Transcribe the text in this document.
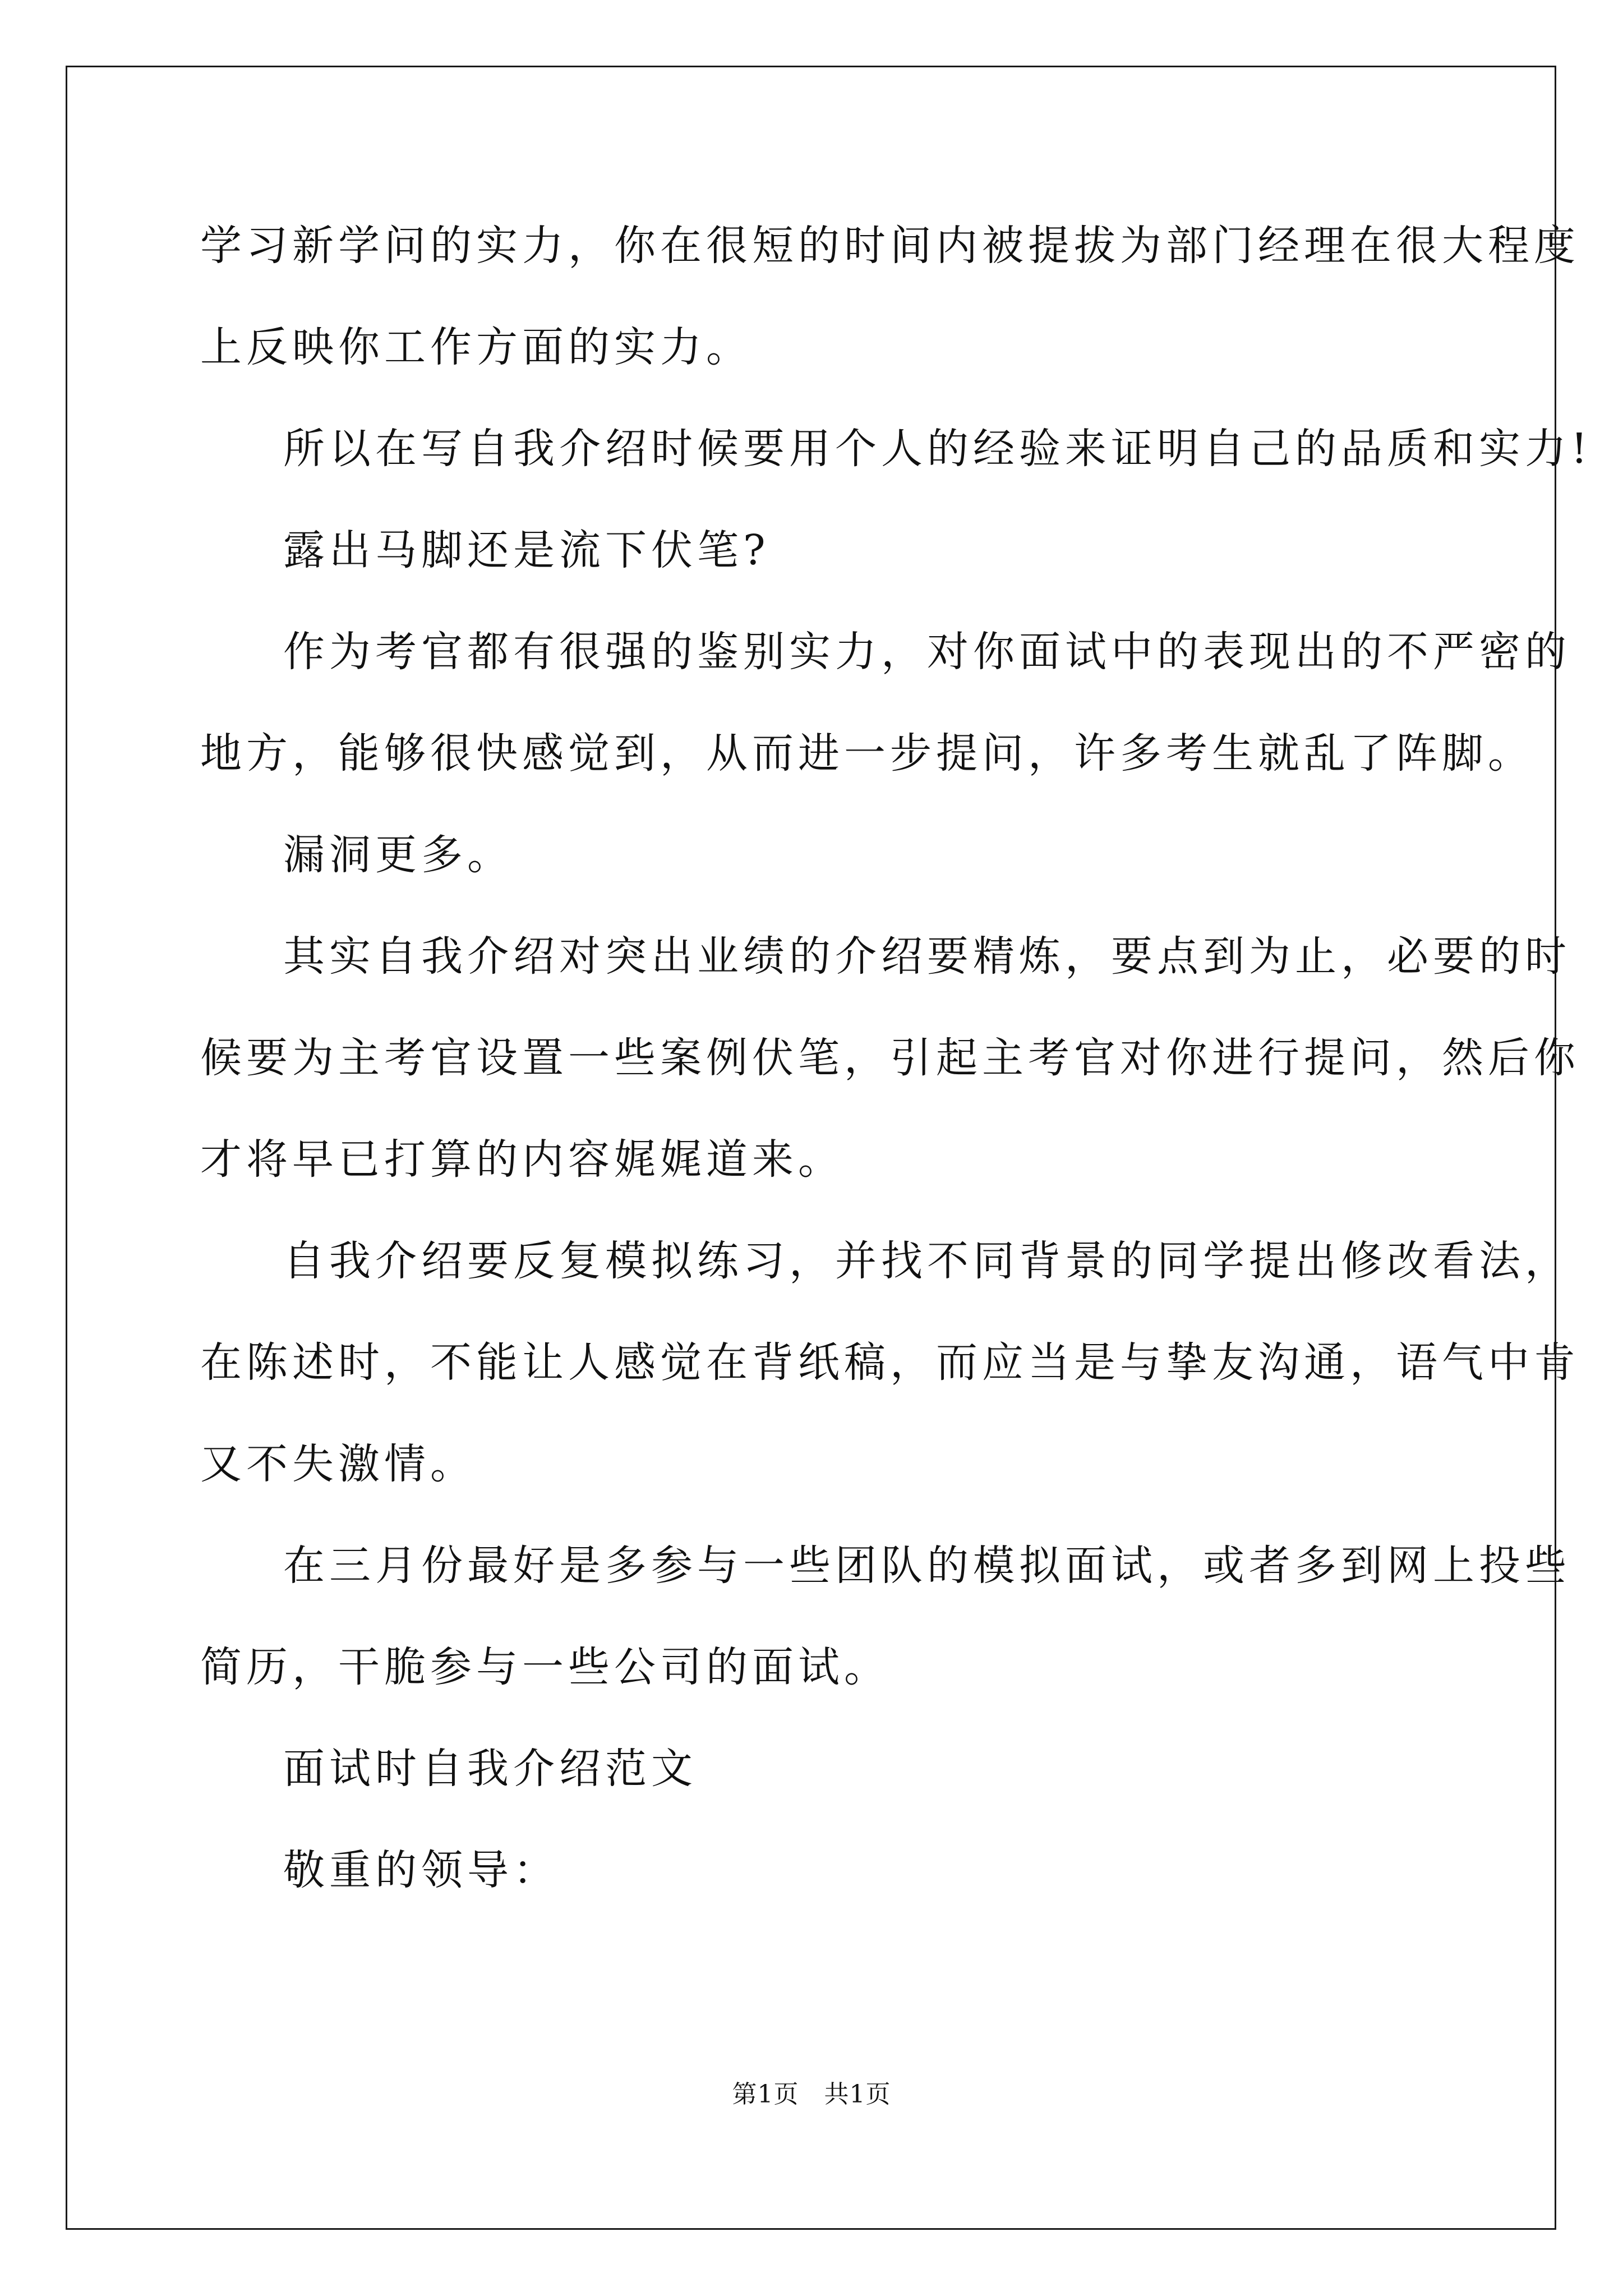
学习新学问的实力，你在很短的时间内被提拔为部门经理在很大程度

上反映你工作方面的实力。

所以在写自我介绍时候要用个人的经验来证明自己的品质和实力!

露出马脚还是流下伏笔?

作为考官都有很强的鉴别实力，对你面试中的表现出的不严密的

地方，能够很快感觉到，从而进一步提问，许多考生就乱了阵脚。

漏洞更多。

其实自我介绍对突出业绩的介绍要精炼，要点到为止，必要的时

候要为主考官设置一些案例伏笔，引起主考官对你进行提问，然后你

才将早已打算的内容娓娓道来。

自我介绍要反复模拟练习，并找不同背景的同学提出修改看法，

在陈述时，不能让人感觉在背纸稿，而应当是与挚友沟通，语气中肯

又不失激情。

在三月份最好是多参与一些团队的模拟面试，或者多到网上投些

简历，干脆参与一些公司的面试。

面试时自我介绍范文

敬重的领导：

第1页　共1页
